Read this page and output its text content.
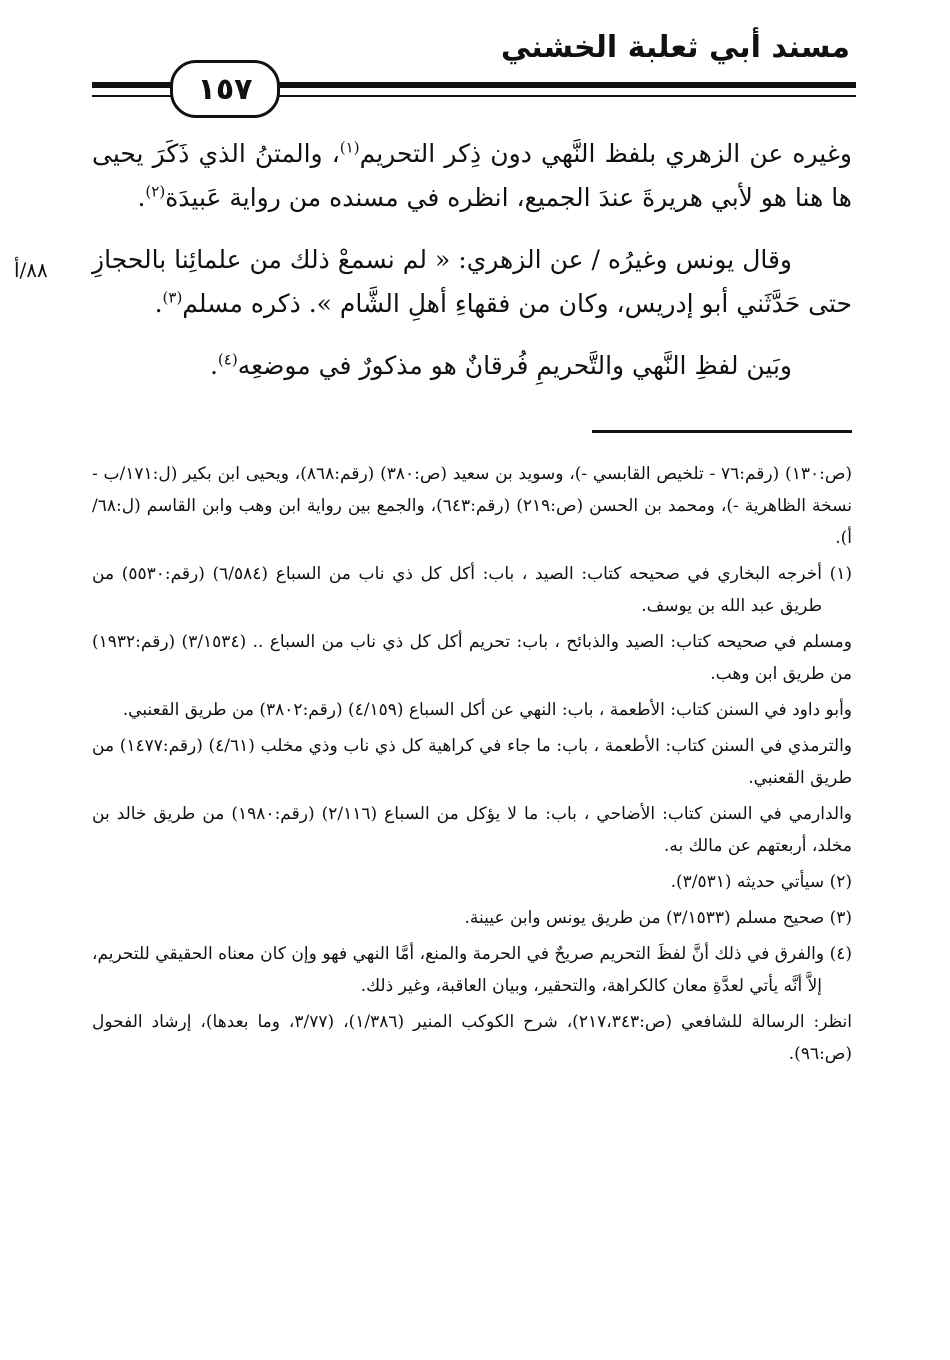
مسند أبي ثعلبة الخشني
١٥٧
٨٨/أ

وغيره عن الزهري بلفظ النَّهي دون ذِكر التحريم$^{(١)}$، والمتنُ الذي ذَكَرَ يحيى ها هنا هو لأبي هريرةَ عندَ الجميع، انظره في مسنده من رواية عَبيدَة$^{(٢)}$.

وقال يونس وغيرُه / عن الزهري: « لم نسمعْ ذلك من علمائِنا بالحجازِ حتى حَدَّثَني أبو إدريس، وكان من فقهاءِ أهلِ الشَّام ». ذكره مسلم$^{(٣)}$.

وبَين لفظِ النَّهي والتَّحريمِ فُرقانٌ هو مذكورٌ في موضعِه$^{(٤)}$.

(ص:١٣٠) (رقم:٧٦ - تلخيص القابسي -)، وسويد بن سعيد (ص:٣٨٠) (رقم:٨٦٨)، ويحيى ابن بكير (ل:١٧١/ب - نسخة الظاهرية -)، ومحمد بن الحسن (ص:٢١٩) (رقم:٦٤٣)، والجمع بين رواية ابن وهب وابن القاسم (ل:٦٨/أ).

(١) أخرجه البخاري في صحيحه كتاب: الصيد ، باب: أكل كل ذي ناب من السباع (٦/٥٨٤) (رقم:٥٥٣٠) من طريق عبد الله بن يوسف.

ومسلم في صحيحه كتاب: الصيد والذبائح ، باب: تحريم أكل كل ذي ناب من السباع .. (٣/١٥٣٤) (رقم:١٩٣٢) من طريق ابن وهب.

وأبو داود في السنن كتاب: الأطعمة ، باب: النهي عن أكل السباع (٤/١٥٩) (رقم:٣٨٠٢) من طريق القعنبي.

والترمذي في السنن كتاب: الأطعمة ، باب: ما جاء في كراهية كل ذي ناب وذي مخلب (٤/٦١) (رقم:١٤٧٧) من طريق القعنبي.

والدارمي في السنن كتاب: الأضاحي ، باب: ما لا يؤكل من السباع (٢/١١٦) (رقم:١٩٨٠) من طريق خالد بن مخلد، أربعتهم عن مالك به.

(٢) سيأتي حديثه (٣/٥٣١).

(٣) صحيح مسلم (٣/١٥٣٣) من طريق يونس وابن عيينة.

(٤) والفرق في ذلك أنَّ لفظَ التحريم صريحٌ في الحرمة والمنع، أمَّا النهي فهو وإن كان معناه الحقيقي للتحريم، إلاَّ أنَّه يأتي لعدَّةِ معان كالكراهة، والتحقير، وبيان العاقبة، وغير ذلك.

انظر: الرسالة للشافعي (ص:٢١٧،٣٤٣)، شرح الكوكب المنير (١/٣٨٦)، (٣/٧٧، وما بعدها)، إرشاد الفحول (ص:٩٦).
